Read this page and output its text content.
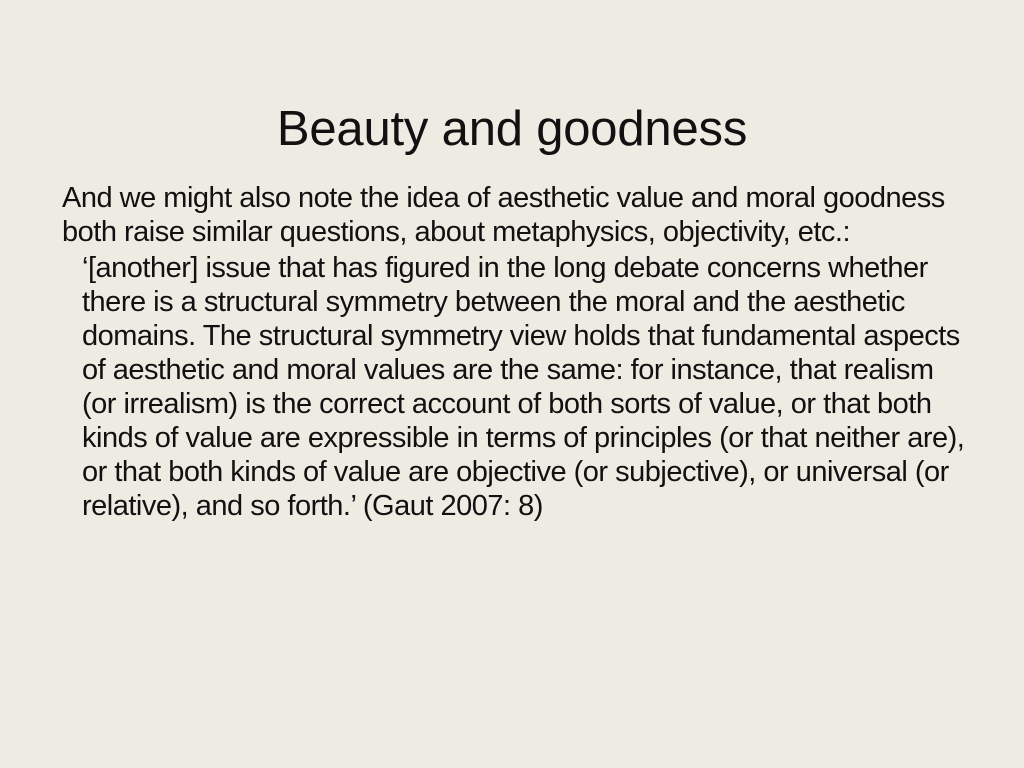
Beauty and goodness

And we might also note the idea of aesthetic value and moral goodness both raise similar questions, about metaphysics, objectivity, etc.:

‘[another] issue that has figured in the long debate concerns whether there is a structural symmetry between the moral and the aesthetic domains. The structural symmetry view holds that fundamental aspects of aesthetic and moral values are the same: for instance, that realism (or irrealism) is the correct account of both sorts of value, or that both kinds of value are expressible in terms of principles (or that neither are), or that both kinds of value are objective (or subjective), or universal (or relative), and so forth.’ (Gaut 2007: 8)
